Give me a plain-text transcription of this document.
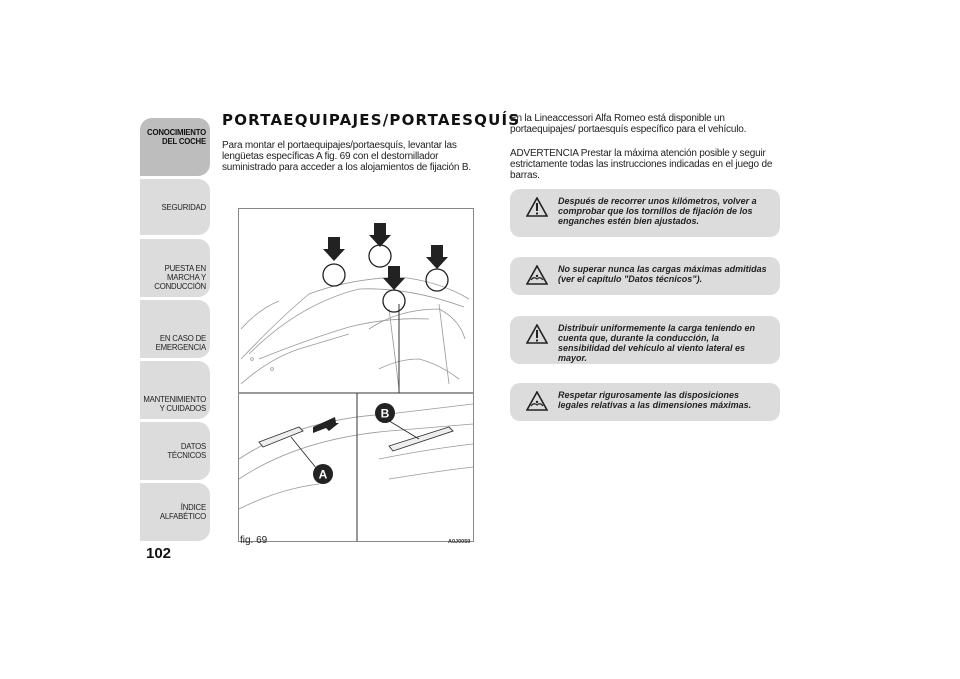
CONOCIMIENTO DEL COCHE
SEGURIDAD
PUESTA EN MARCHA Y CONDUCCIÓN
EN CASO DE EMERGENCIA
MANTENIMIENTO Y CUIDADOS
DATOS TÉCNICOS
ÍNDICE ALFABÉTICO
102
PORTAEQUIPAJES/PORTAESQUÍS
Para montar el portaequipajes/portaesquís, levantar las lengüetas específicas A fig. 69 con el destornillador suministrado para acceder a los alojamientos de fijación B.
A
B
fig. 69	A0J0059
En la Lineaccessori Alfa Romeo está disponible un portaequipajes/ portaesquís específico para el vehículo.
ADVERTENCIA Prestar la máxima atención posible y seguir estrictamente todas las instrucciones indicadas en el juego de barras.
Después de recorrer unos kilómetros, volver a comprobar que los tornillos de fijación de los enganches estén bien ajustados.
No superar nunca las cargas máximas admitidas (ver el capítulo "Datos técnicos").
Distribuir uniformemente la carga teniendo en cuenta que, durante la conducción, la sensibilidad del vehículo al viento lateral es mayor.
Respetar rigurosamente las disposiciones legales relativas a las dimensiones máximas.
